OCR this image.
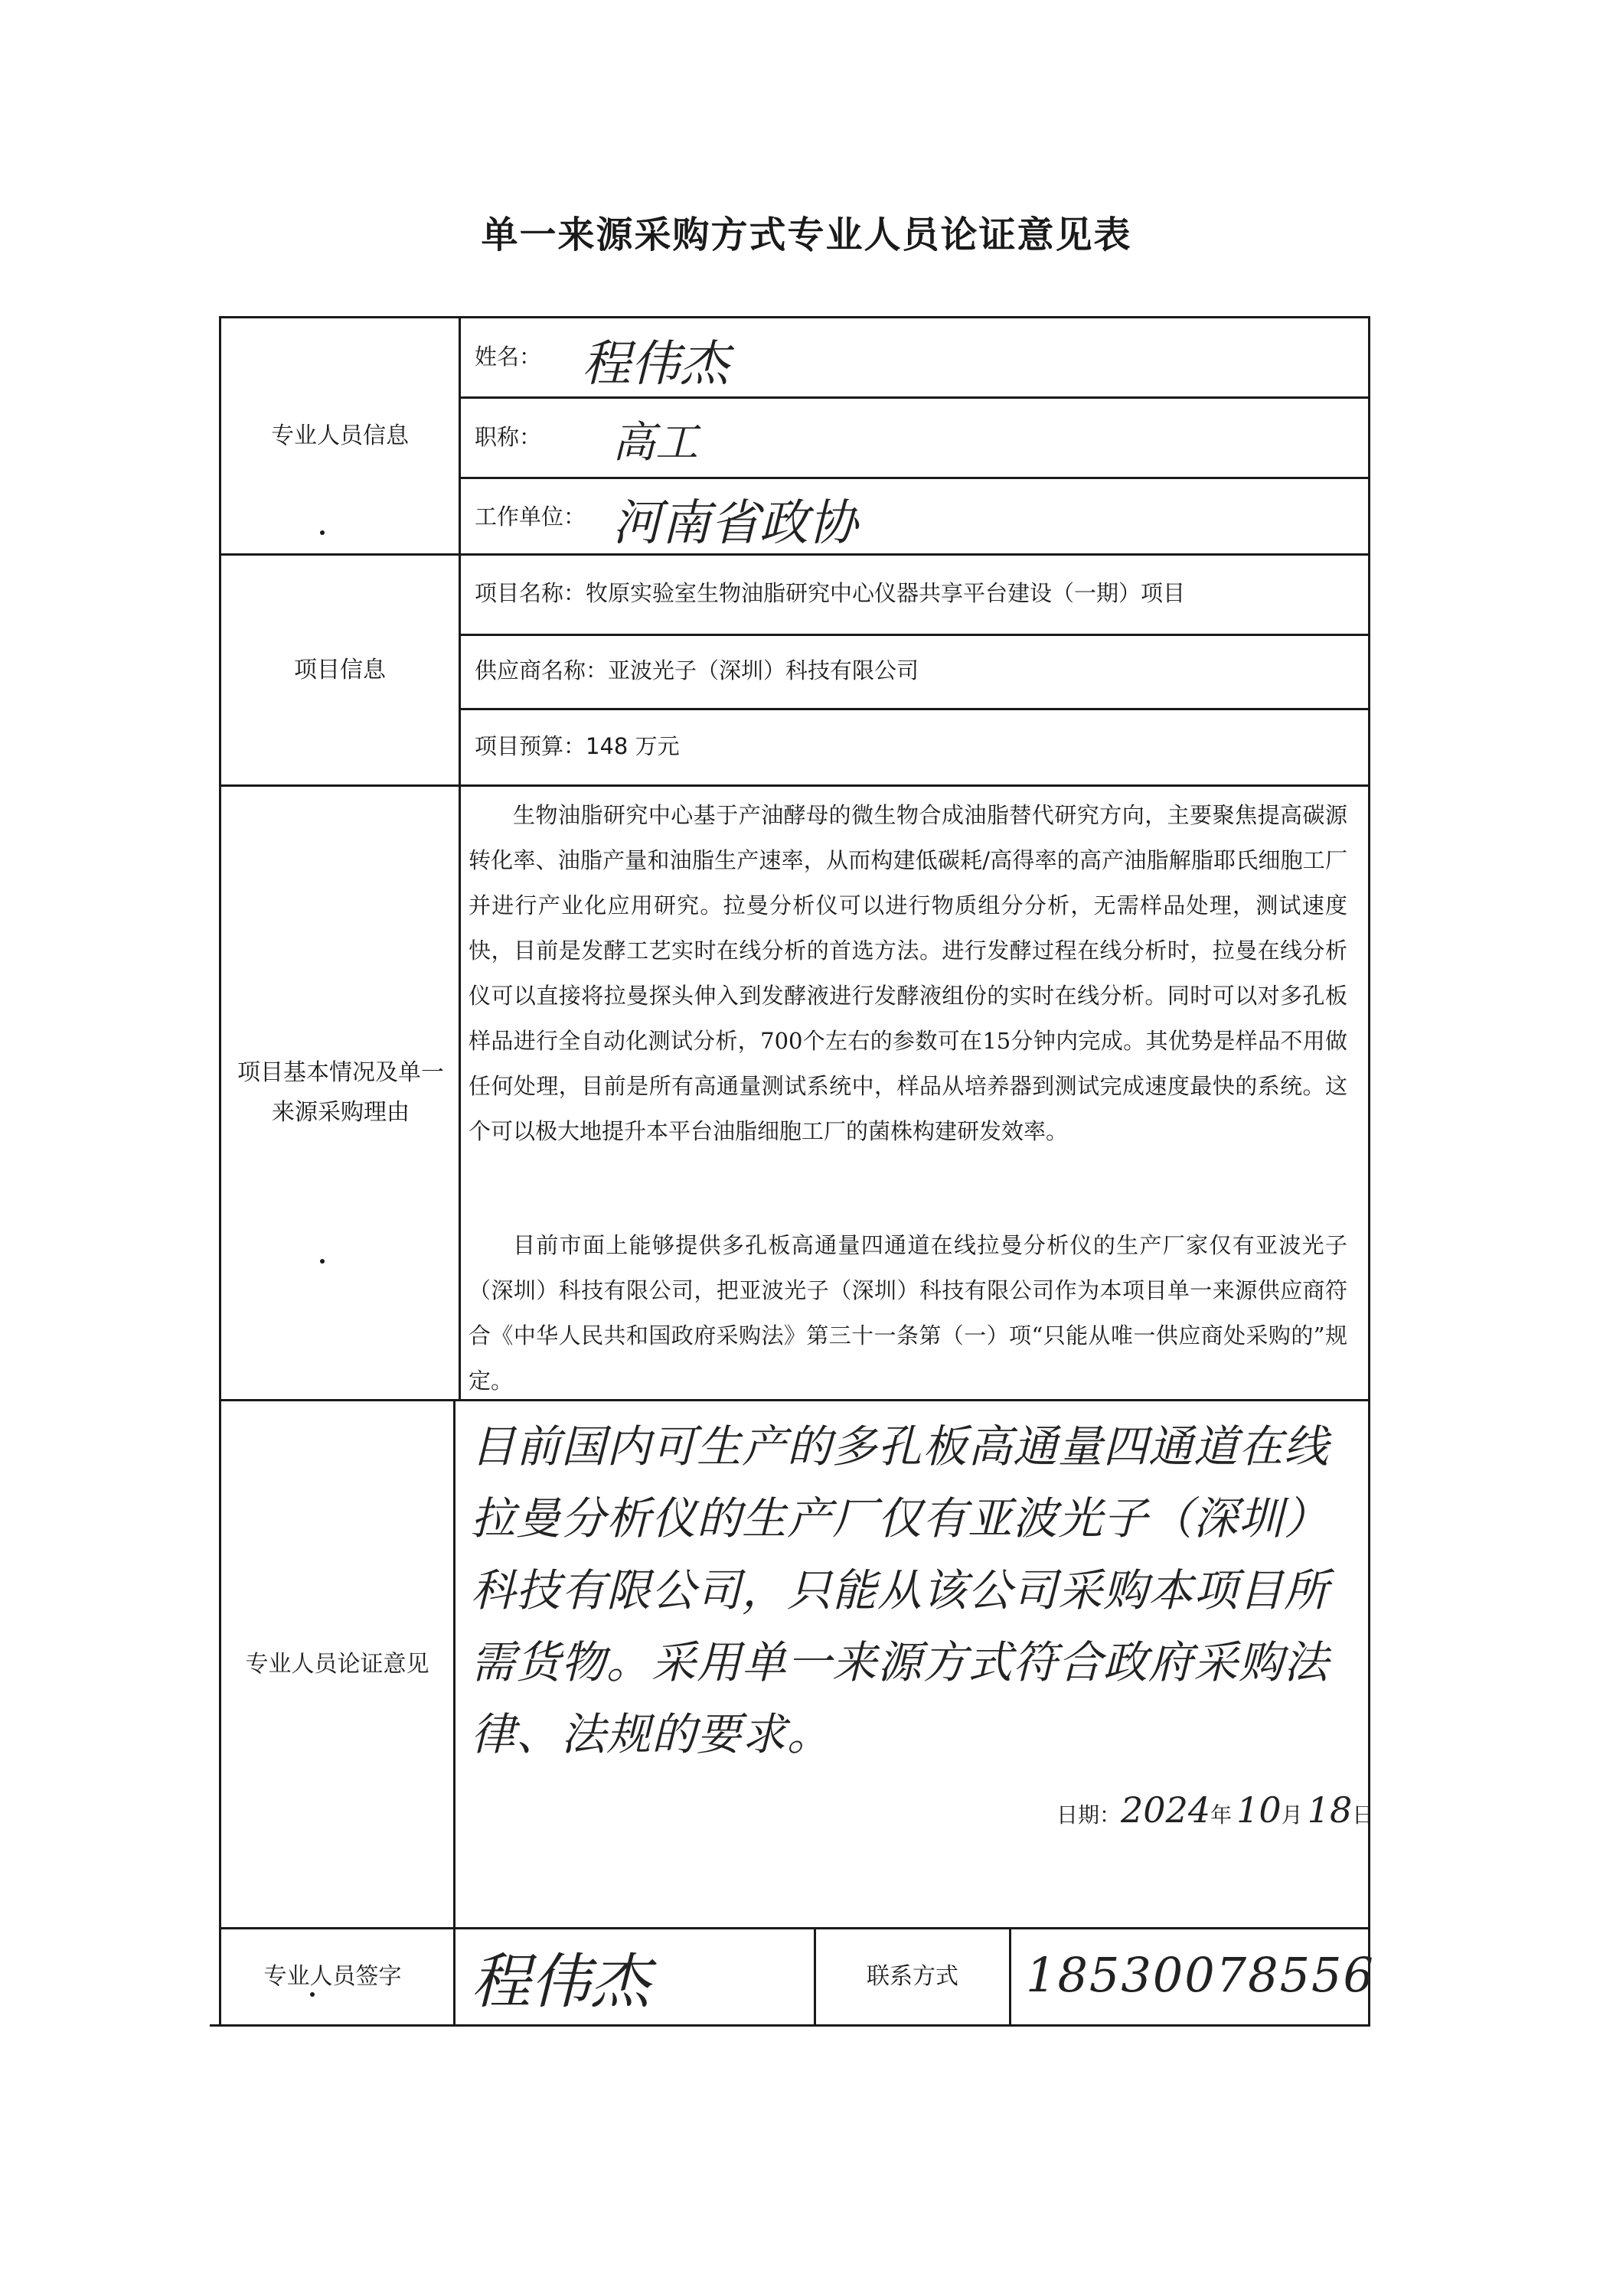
单一来源采购方式专业人员论证意见表
专业人员信息
姓名： 程伟杰
职称： 高工
工作单位： 河南省政协
项目信息
项目名称：牧原实验室生物油脂研究中心仪器共享平台建设（一期）项目
供应商名称：亚波光子（深圳）科技有限公司
项目预算：148 万元
项目基本情况及单一来源采购理由
生物油脂研究中心基于产油酵母的微生物合成油脂替代研究方向，主要聚焦提高碳源转化率、油脂产量和油脂生产速率，从而构建低碳耗/高得率的高产油脂解脂耶氏细胞工厂并进行产业化应用研究。拉曼分析仪可以进行物质组分分析，无需样品处理，测试速度快，目前是发酵工艺实时在线分析的首选方法。进行发酵过程在线分析时，拉曼在线分析仪可以直接将拉曼探头伸入到发酵液进行发酵液组份的实时在线分析。同时可以对多孔板样品进行全自动化测试分析，700个左右的参数可在15分钟内完成。其优势是样品不用做任何处理，目前是所有高通量测试系统中，样品从培养器到测试完成速度最快的系统。这个可以极大地提升本平台油脂细胞工厂的菌株构建研发效率。
目前市面上能够提供多孔板高通量四通道在线拉曼分析仪的生产厂家仅有亚波光子（深圳）科技有限公司，把亚波光子（深圳）科技有限公司作为本项目单一来源供应商符合《中华人民共和国政府采购法》第三十一条第（一）项“只能从唯一供应商处采购的”规定。
专业人员论证意见
目前国内可生产的多孔板高通量四通道在线拉曼分析仪的生产厂仅有亚波光子（深圳）科技有限公司，只能从该公司采购本项目所需货物。采用单一来源方式符合政府采购法律、法规的要求。
日期： 2024 年 10 月 18 日
专业人员签字	程伟杰	联系方式	18530078556
